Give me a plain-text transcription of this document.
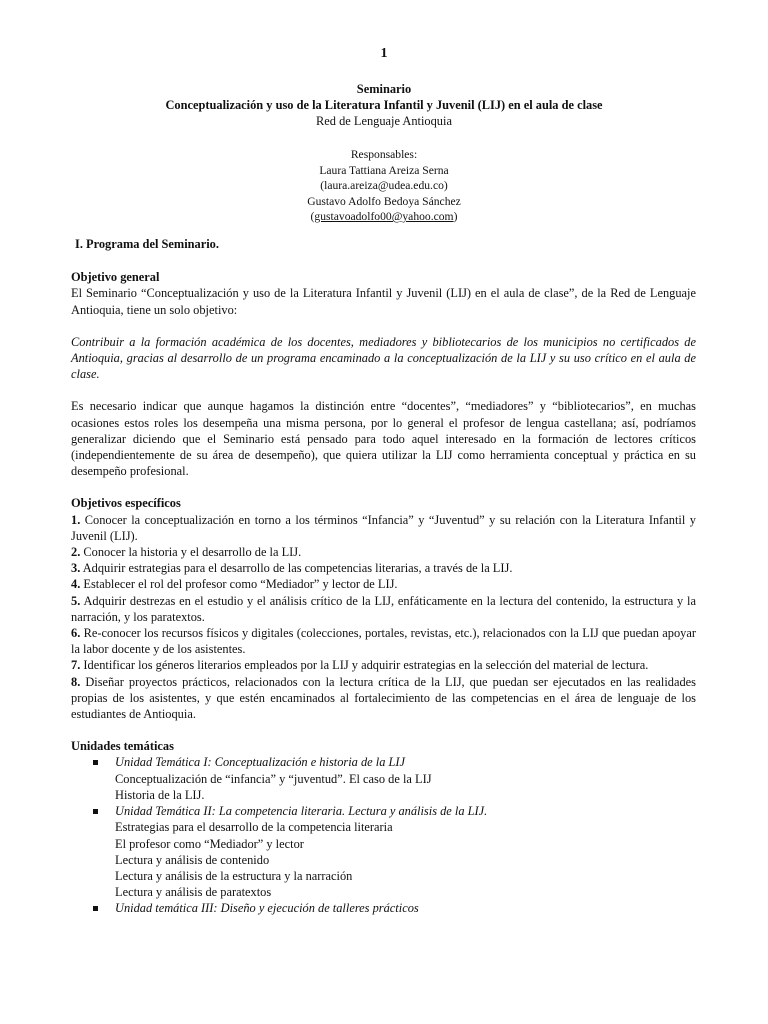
1
Seminario
Conceptualización y uso de la Literatura Infantil y Juvenil (LIJ) en el aula de clase
Red de Lenguaje Antioquia
Responsables:
Laura Tattiana Areiza Serna
(laura.areiza@udea.edu.co)
Gustavo Adolfo Bedoya Sánchez
(gustavoadolfo00@yahoo.com)
I. Programa del Seminario.
Objetivo general

El Seminario “Conceptualización y uso de la Literatura Infantil y Juvenil (LIJ) en el aula de clase”, de la Red de Lenguaje Antioquia, tiene un solo objetivo:

Contribuir a la formación académica de los docentes, mediadores y bibliotecarios de los municipios no certificados de Antioquia, gracias al desarrollo de un programa encaminado a la conceptualización de la LIJ y su uso crítico en el aula de clase.

Es necesario indicar que aunque hagamos la distinción entre “docentes”, “mediadores” y “bibliotecarios”, en muchas ocasiones estos roles los desempeña una misma persona, por lo general el profesor de lengua castellana; así, podríamos generalizar diciendo que el Seminario está pensado para todo aquel interesado en la formación de lectores críticos (independientemente de su área de desempeño), que quiera utilizar la LIJ como herramienta conceptual y práctica en su desempeño profesional.

Objetivos específicos

1. Conocer la conceptualización en torno a los términos “Infancia” y “Juventud” y su relación con la Literatura Infantil y Juvenil (LIJ).

2. Conocer la historia y el desarrollo de la LIJ.

3. Adquirir estrategias para el desarrollo de las competencias literarias, a través de la LIJ.

4. Establecer el rol del profesor como “Mediador” y lector de LIJ.

5. Adquirir destrezas en el estudio y el análisis crítico de la LIJ, enfáticamente en la lectura del contenido, la estructura y la narración, y los paratextos.

6. Re-conocer los recursos físicos y digitales (colecciones, portales, revistas, etc.), relacionados con la LIJ que puedan apoyar la labor docente y de los asistentes.

7. Identificar los géneros literarios empleados por la LIJ y adquirir estrategias en la selección del material de lectura.

8. Diseñar proyectos prácticos, relacionados con la lectura crítica de la LIJ, que puedan ser ejecutados en las realidades propias de los asistentes, y que estén encaminados al fortalecimiento de las competencias en el área de lenguaje de los estudiantes de Antioquia.

Unidades temáticas
Unidad Temática I: Conceptualización e historia de la LIJ
Conceptualización de “infancia” y “juventud”. El caso de la LIJ
Historia de la LIJ.
Unidad Temática II: La competencia literaria. Lectura y análisis de la LIJ.
Estrategias para el desarrollo de la competencia literaria
El profesor como “Mediador” y lector
Lectura y análisis de contenido
Lectura y análisis de la estructura y la narración
Lectura y análisis de paratextos
Unidad temática III: Diseño y ejecución de talleres prácticos
